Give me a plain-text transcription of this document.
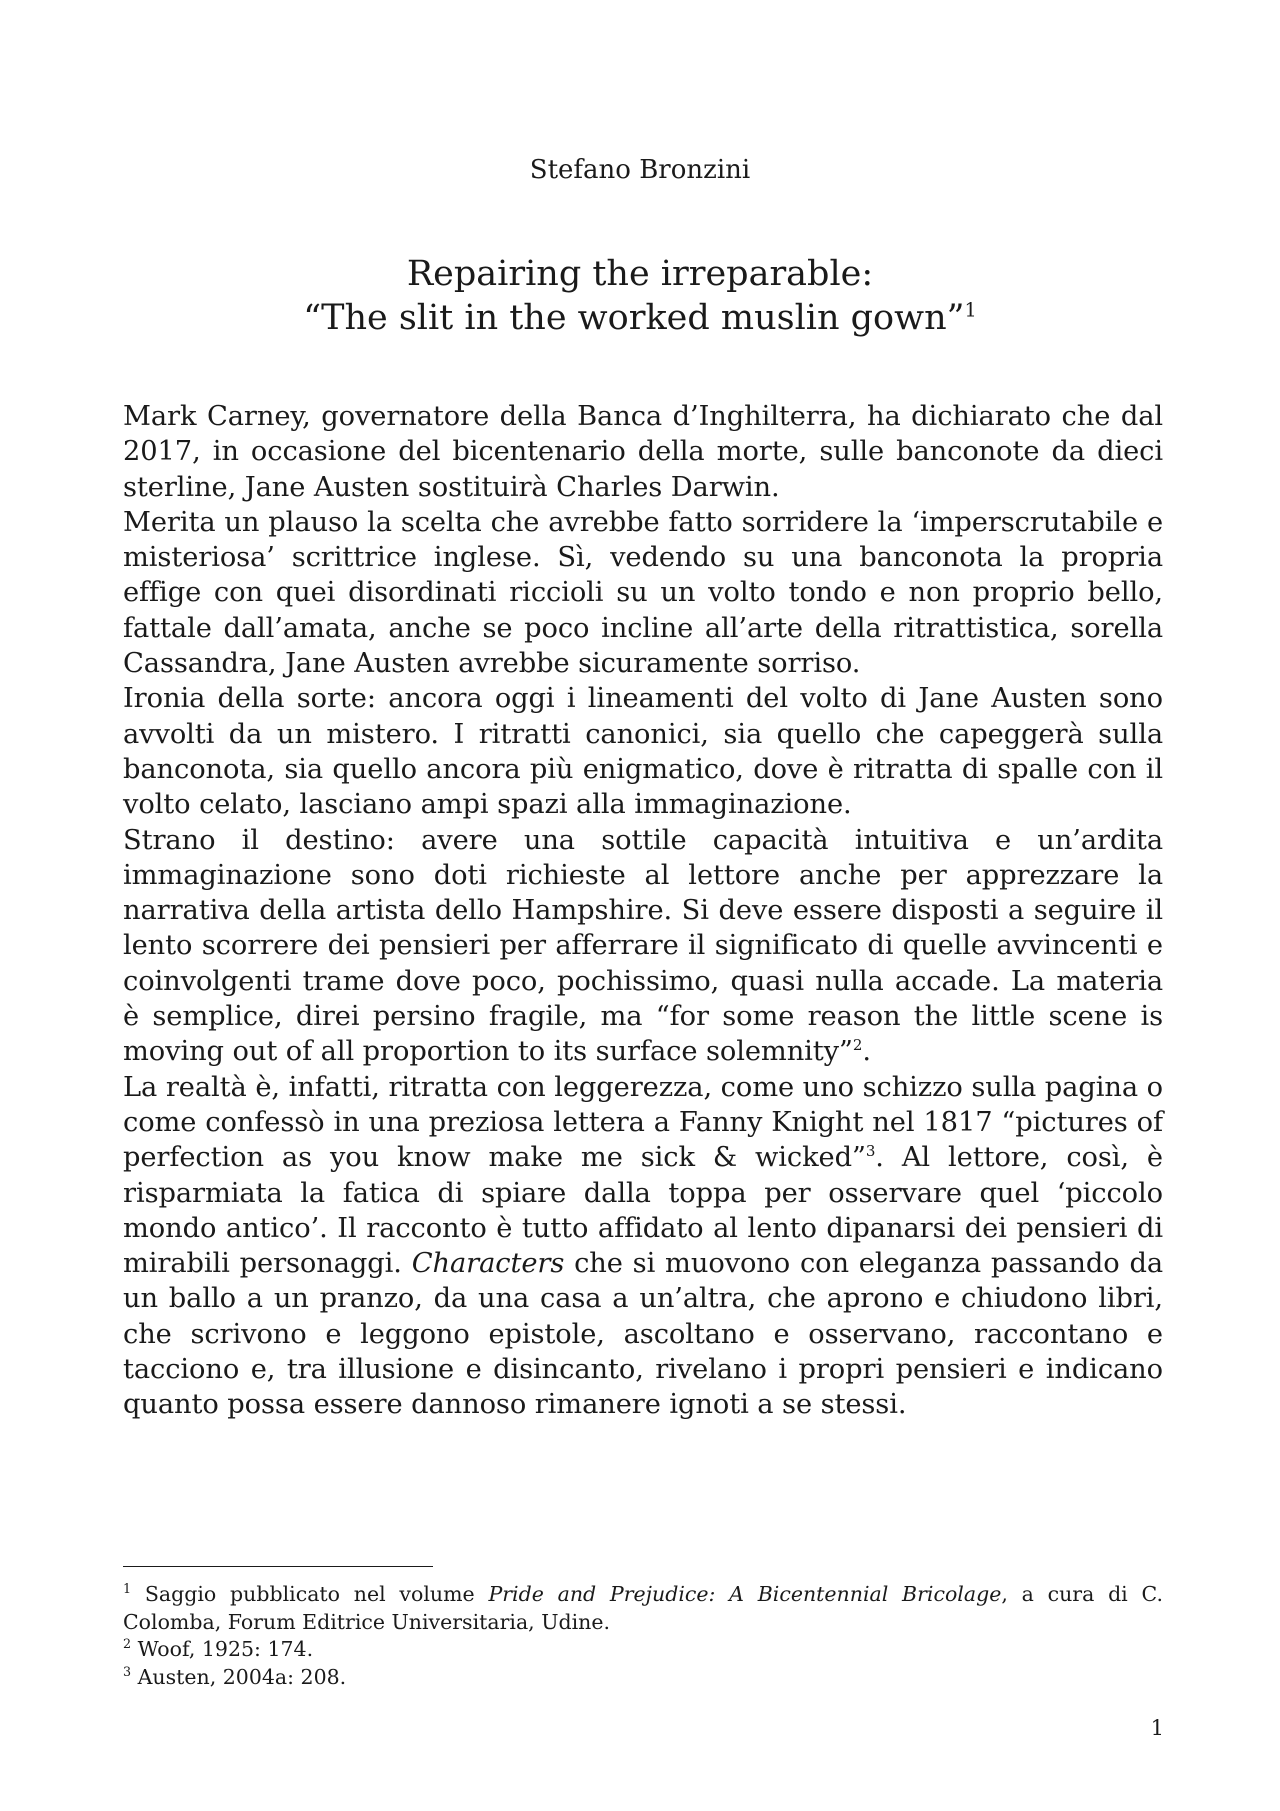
Stefano Bronzini
Repairing the irreparable:
“The slit in the worked muslin gown”$^1$

Mark Carney, governatore della Banca d’Inghilterra, ha dichiarato che dal 2017, in occasione del bicentenario della morte, sulle banconote da dieci sterline, Jane Austen sostituirà Charles Darwin.

Merita un plauso la scelta che avrebbe fatto sorridere la ‘imperscrutabile e misteriosa’ scrittrice inglese. Sì, vedendo su una banconota la propria effige con quei disordinati riccioli su un volto tondo e non proprio bello, fattale dall’amata, anche se poco incline all’arte della ritrattistica, sorella Cassandra, Jane Austen avrebbe sicuramente sorriso.

Ironia della sorte: ancora oggi i lineamenti del volto di Jane Austen sono avvolti da un mistero. I ritratti canonici, sia quello che capeggerà sulla banconota, sia quello ancora più enigmatico, dove è ritratta di spalle con il volto celato, lasciano ampi spazi alla immaginazione.

Strano il destino: avere una sottile capacità intuitiva e un’ardita immaginazione sono doti richieste al lettore anche per apprezzare la narrativa della artista dello Hampshire. Si deve essere disposti a seguire il lento scorrere dei pensieri per afferrare il significato di quelle avvincenti e coinvolgenti trame dove poco, pochissimo, quasi nulla accade. La materia è semplice, direi persino fragile, ma “for some reason the little scene is moving out of all proportion to its surface solemnity”$^2$.

La realtà è, infatti, ritratta con leggerezza, come uno schizzo sulla pagina o come confessò in una preziosa lettera a Fanny Knight nel 1817 “pictures of perfection as you know make me sick & wicked”$^3$. Al lettore, così, è risparmiata la fatica di spiare dalla toppa per osservare quel ‘piccolo mondo antico’. Il racconto è tutto affidato al lento dipanarsi dei pensieri di mirabili personaggi. Characters che si muovono con eleganza passando da un ballo a un pranzo, da una casa a un’altra, che aprono e chiudono libri, che scrivono e leggono epistole, ascoltano e osservano, raccontano e tacciono e, tra illusione e disincanto, rivelano i propri pensieri e indicano quanto possa essere dannoso rimanere ignoti a se stessi.

$^1$ Saggio pubblicato nel volume Pride and Prejudice: A Bicentennial Bricolage, a cura di C. Colomba, Forum Editrice Universitaria, Udine.

$^2$ Woof, 1925: 174.

$^3$ Austen, 2004a: 208.

1
